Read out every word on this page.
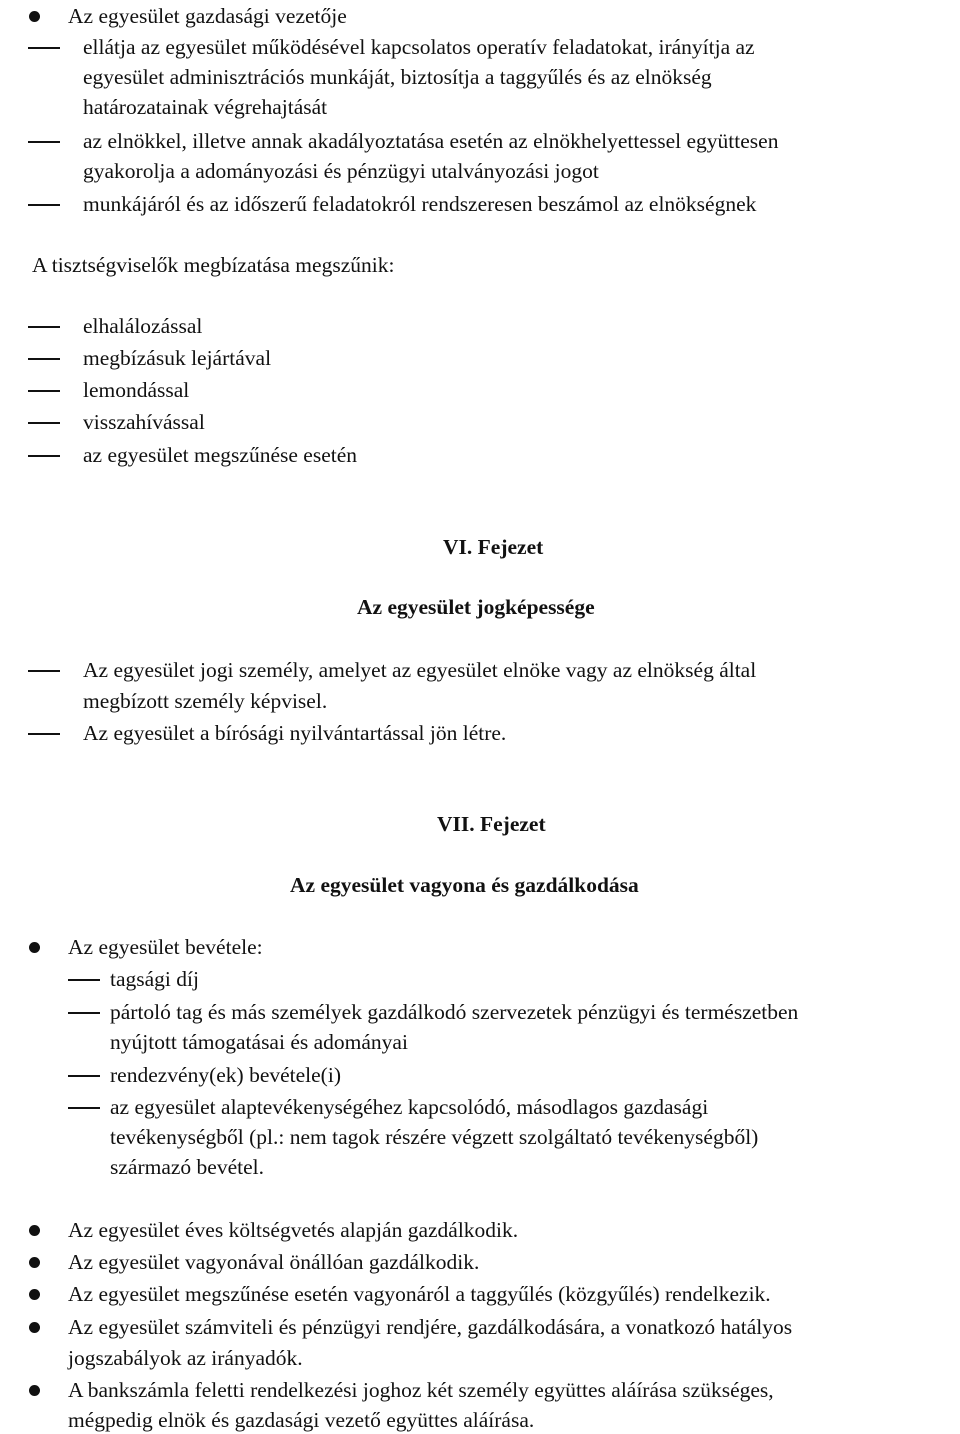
Az egyesület gazdasági vezetője
ellátja az egyesület működésével kapcsolatos operatív feladatokat, irányítja az
egyesület adminisztrációs munkáját, biztosítja a taggyűlés és az elnökség
határozatainak végrehajtását
az elnökkel, illetve annak akadályoztatása esetén az elnökhelyettessel együttesen
gyakorolja a adományozási és pénzügyi utalványozási jogot
munkájáról és az időszerű feladatokról rendszeresen beszámol az elnökségnek
A tisztségviselők megbízatása megszűnik:
elhalálozással
megbízásuk lejártával
lemondással
visszahívással
az egyesület megszűnése esetén
VI. Fejezet
Az egyesület jogképessége
Az egyesület jogi személy, amelyet az egyesület elnöke vagy az elnökség által
megbízott személy képvisel.
Az egyesület a bírósági nyilvántartással jön létre.
VII. Fejezet
Az egyesület vagyona és gazdálkodása
Az egyesület bevétele:
tagsági díj
pártoló tag és más személyek gazdálkodó szervezetek pénzügyi és természetben
nyújtott támogatásai és adományai
rendezvény(ek) bevétele(i)
az egyesület alaptevékenységéhez kapcsolódó, másodlagos gazdasági
tevékenységből (pl.: nem tagok részére végzett szolgáltató tevékenységből)
származó bevétel.
Az egyesület éves költségvetés alapján gazdálkodik.
Az egyesület vagyonával önállóan gazdálkodik.
Az egyesület megszűnése esetén vagyonáról a taggyűlés (közgyűlés) rendelkezik.
Az egyesület számviteli és pénzügyi rendjére, gazdálkodására, a vonatkozó hatályos
jogszabályok az irányadók.
A bankszámla feletti rendelkezési joghoz két személy együttes aláírása szükséges,
mégpedig elnök és gazdasági vezető együttes aláírása.
